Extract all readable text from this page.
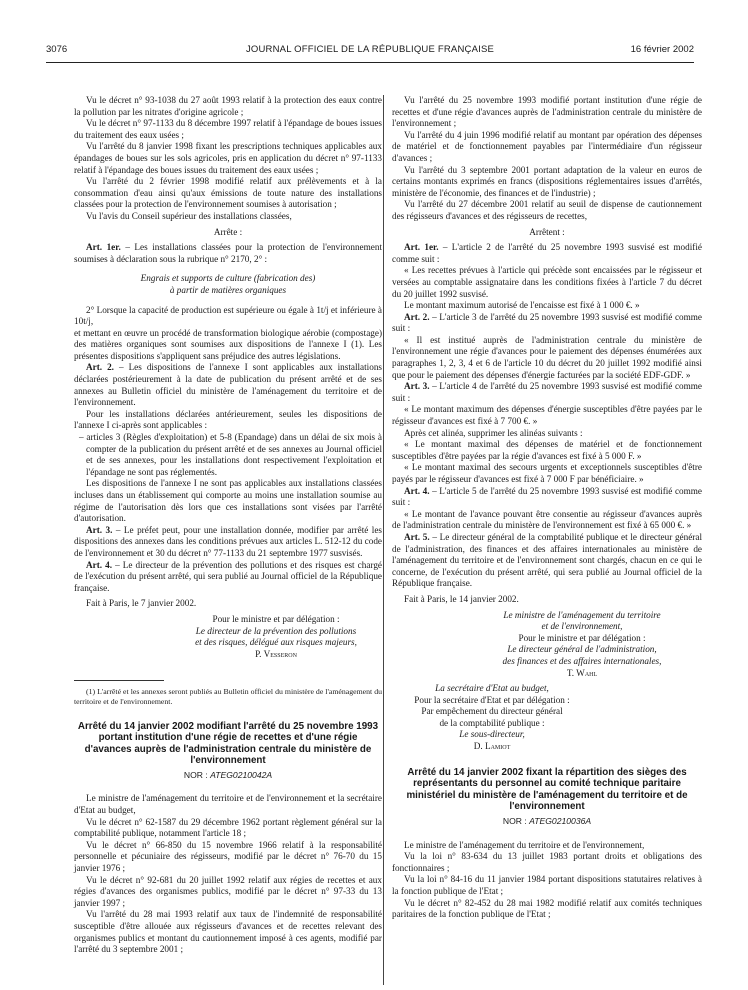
3076	JOURNAL OFFICIEL DE LA RÉPUBLIQUE FRANÇAISE	16 février 2002

Vu le décret n° 93-1038 du 27 août 1993 relatif à la protection des eaux contre la pollution par les nitrates d'origine agricole ;

Vu le décret n° 97-1133 du 8 décembre 1997 relatif à l'épandage de boues issues du traitement des eaux usées ;

Vu l'arrêté du 8 janvier 1998 fixant les prescriptions techniques applicables aux épandages de boues sur les sols agricoles, pris en application du décret n° 97-1133 relatif à l'épandage des boues issues du traitement des eaux usées ;

Vu l'arrêté du 2 février 1998 modifié relatif aux prélèvements et à la consommation d'eau ainsi qu'aux émissions de toute nature des installations classées pour la protection de l'environnement soumises à autorisation ;

Vu l'avis du Conseil supérieur des installations classées,

Arrête :

Art. 1er. – Les installations classées pour la protection de l'environnement soumises à déclaration sous la rubrique n° 2170, 2° :

Engrais et supports de culture (fabrication des)

à partir de matières organiques

2° Lorsque la capacité de production est supérieure ou égale à 1t/j et inférieure à 10t/j,

et mettant en œuvre un procédé de transformation biologique aérobie (compostage) des matières organiques sont soumises aux dispositions de l'annexe I (1). Les présentes dispositions s'appliquent sans préjudice des autres législations.

Art. 2. – Les dispositions de l'annexe I sont applicables aux installations déclarées postérieurement à la date de publication du présent arrêté et de ses annexes au Bulletin officiel du ministère de l'aménagement du territoire et de l'environnement.

Pour les installations déclarées antérieurement, seules les dispositions de l'annexe I ci-après sont applicables :

– articles 3 (Règles d'exploitation) et 5-8 (Epandage) dans un délai de six mois à compter de la publication du présent arrêté et de ses annexes au Journal officiel et de ses annexes, pour les installations dont respectivement l'exploitation et l'épandage ne sont pas réglementés.

Les dispositions de l'annexe I ne sont pas applicables aux installations classées incluses dans un établissement qui comporte au moins une installation soumise au régime de l'autorisation dès lors que ces installations sont visées par l'arrêté d'autorisation.

Art. 3. – Le préfet peut, pour une installation donnée, modifier par arrêté les dispositions des annexes dans les conditions prévues aux articles L. 512-12 du code de l'environnement et 30 du décret n° 77-1133 du 21 septembre 1977 susvisés.

Art. 4. – Le directeur de la prévention des pollutions et des risques est chargé de l'exécution du présent arrêté, qui sera publié au Journal officiel de la République française.

Fait à Paris, le 7 janvier 2002.

Pour le ministre et par délégation :

Le directeur de la prévention des pollutions

et des risques, délégué aux risques majeurs,

P. Vesseron

(1) L'arrêté et les annexes seront publiés au Bulletin officiel du ministère de l'aménagement du territoire et de l'environnement.

Arrêté du 14 janvier 2002 modifiant l'arrêté du 25 novembre 1993 portant institution d'une régie de recettes et d'une régie d'avances auprès de l'administration centrale du ministère de l'environnement

NOR : ATEG0210042A

Le ministre de l'aménagement du territoire et de l'environnement et la secrétaire d'Etat au budget,

Vu le décret n° 62-1587 du 29 décembre 1962 portant règlement général sur la comptabilité publique, notamment l'article 18 ;

Vu le décret n° 66-850 du 15 novembre 1966 relatif à la responsabilité personnelle et pécuniaire des régisseurs, modifié par le décret n° 76-70 du 15 janvier 1976 ;

Vu le décret n° 92-681 du 20 juillet 1992 relatif aux régies de recettes et aux régies d'avances des organismes publics, modifié par le décret n° 97-33 du 13 janvier 1997 ;

Vu l'arrêté du 28 mai 1993 relatif aux taux de l'indemnité de responsabilité susceptible d'être allouée aux régisseurs d'avances et de recettes relevant des organismes publics et montant du cautionnement imposé à ces agents, modifié par l'arrêté du 3 septembre 2001 ;

Vu l'arrêté du 25 novembre 1993 modifié portant institution d'une régie de recettes et d'une régie d'avances auprès de l'administration centrale du ministère de l'environnement ;

Vu l'arrêté du 4 juin 1996 modifié relatif au montant par opération des dépenses de matériel et de fonctionnement payables par l'intermédiaire d'un régisseur d'avances ;

Vu l'arrêté du 3 septembre 2001 portant adaptation de la valeur en euros de certains montants exprimés en francs (dispositions réglementaires issues d'arrêtés, ministère de l'économie, des finances et de l'industrie) ;

Vu l'arrêté du 27 décembre 2001 relatif au seuil de dispense de cautionnement des régisseurs d'avances et des régisseurs de recettes,

Arrêtent :

Art. 1er. – L'article 2 de l'arrêté du 25 novembre 1993 susvisé est modifié comme suit :

« Les recettes prévues à l'article qui précède sont encaissées par le régisseur et versées au comptable assignataire dans les conditions fixées à l'article 7 du décret du 20 juillet 1992 susvisé.

Le montant maximum autorisé de l'encaisse est fixé à 1 000 €. »

Art. 2. – L'article 3 de l'arrêté du 25 novembre 1993 susvisé est modifié comme suit :

« Il est institué auprès de l'administration centrale du ministère de l'environnement une régie d'avances pour le paiement des dépenses énumérées aux paragraphes 1, 2, 3, 4 et 6 de l'article 10 du décret du 20 juillet 1992 modifié ainsi que pour le paiement des dépenses d'énergie facturées par la société EDF-GDF. »

Art. 3. – L'article 4 de l'arrêté du 25 novembre 1993 susvisé est modifié comme suit :

« Le montant maximum des dépenses d'énergie susceptibles d'être payées par le régisseur d'avances est fixé à 7 700 €. »

Après cet alinéa, supprimer les alinéas suivants :

« Le montant maximal des dépenses de matériel et de fonctionnement susceptibles d'être payées par la régie d'avances est fixé à 5 000 F. »

« Le montant maximal des secours urgents et exceptionnels susceptibles d'être payés par le régisseur d'avances est fixé à 7 000 F par bénéficiaire. »

Art. 4. – L'article 5 de l'arrêté du 25 novembre 1993 susvisé est modifié comme suit :

« Le montant de l'avance pouvant être consentie au régisseur d'avances auprès de l'administration centrale du ministère de l'environnement est fixé à 65 000 €. »

Art. 5. – Le directeur général de la comptabilité publique et le directeur général de l'administration, des finances et des affaires internationales au ministère de l'aménagement du territoire et de l'environnement sont chargés, chacun en ce qui le concerne, de l'exécution du présent arrêté, qui sera publié au Journal officiel de la République française.

Fait à Paris, le 14 janvier 2002.

Le ministre de l'aménagement du territoire

et de l'environnement,

Pour le ministre et par délégation :

Le directeur général de l'administration,

des finances et des affaires internationales,

T. Wahl

La secrétaire d'Etat au budget,

Pour la secrétaire d'Etat et par délégation :

Par empêchement du directeur général

de la comptabilité publique :

Le sous-directeur,

D. Lamiot

Arrêté du 14 janvier 2002 fixant la répartition des sièges des représentants du personnel au comité technique paritaire ministériel du ministère de l'aménagement du territoire et de l'environnement

NOR : ATEG0210036A

Le ministre de l'aménagement du territoire et de l'environnement,

Vu la loi n° 83-634 du 13 juillet 1983 portant droits et obligations des fonctionnaires ;

Vu la loi n° 84-16 du 11 janvier 1984 portant dispositions statutaires relatives à la fonction publique de l'Etat ;

Vu le décret n° 82-452 du 28 mai 1982 modifié relatif aux comités techniques paritaires de la fonction publique de l'Etat ;
